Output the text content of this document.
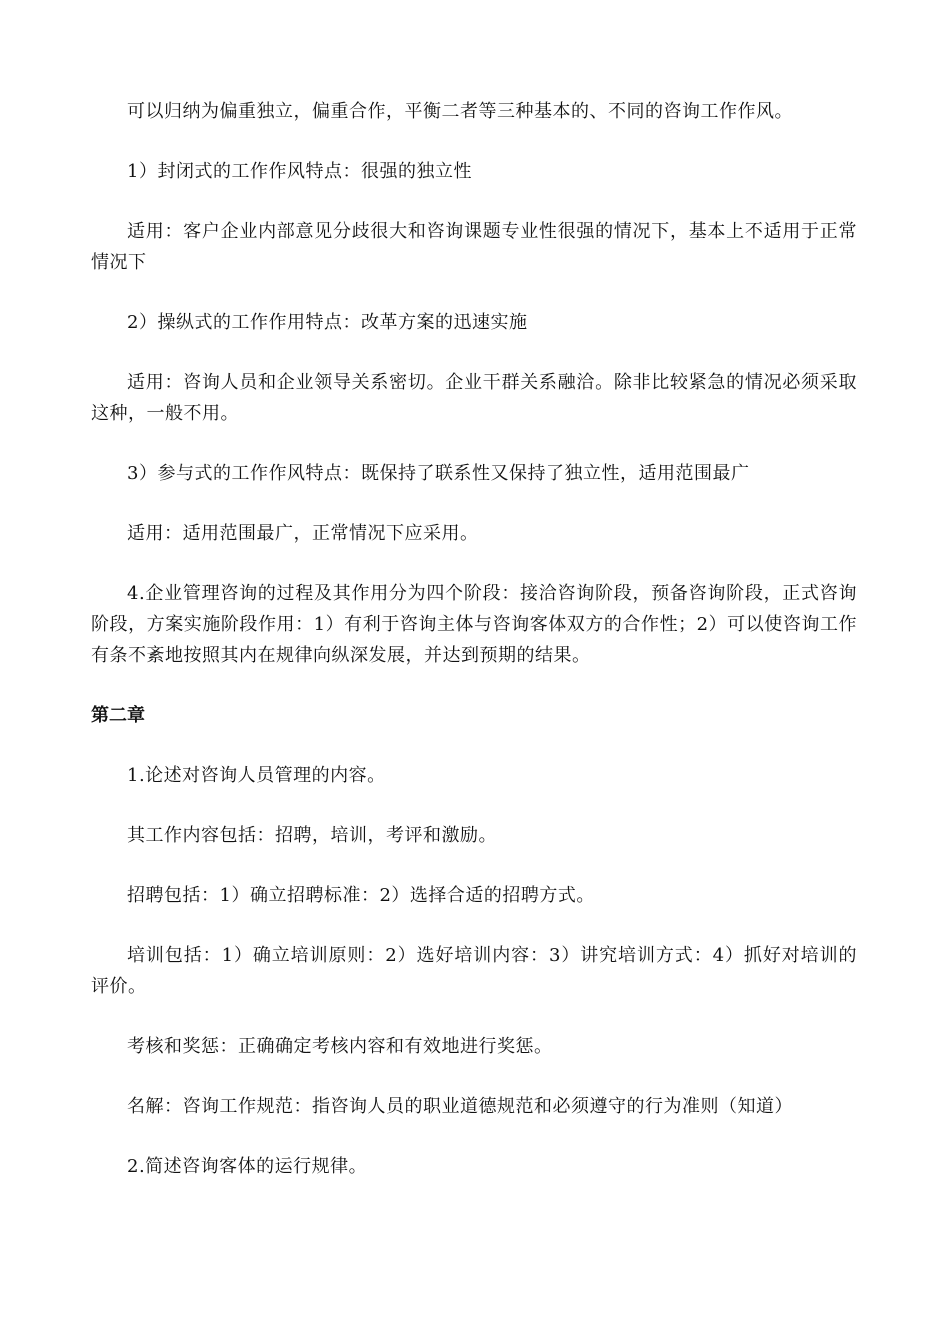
可以归纳为偏重独立，偏重合作，平衡二者等三种基本的、不同的咨询工作作风。

1）封闭式的工作作风特点：很强的独立性

适用：客户企业内部意见分歧很大和咨询课题专业性很强的情况下，基本上不适用于正常情况下

2）操纵式的工作作用特点：改革方案的迅速实施

适用：咨询人员和企业领导关系密切。企业干群关系融洽。除非比较紧急的情况必须采取这种，一般不用。

3）参与式的工作作风特点：既保持了联系性又保持了独立性，适用范围最广

适用：适用范围最广，正常情况下应采用。

4.企业管理咨询的过程及其作用分为四个阶段：接洽咨询阶段，预备咨询阶段，正式咨询阶段，方案实施阶段作用：1）有利于咨询主体与咨询客体双方的合作性；2）可以使咨询工作有条不紊地按照其内在规律向纵深发展，并达到预期的结果。

第二章

1.论述对咨询人员管理的内容。

其工作内容包括：招聘，培训，考评和激励。

招聘包括：1）确立招聘标准：2）选择合适的招聘方式。

培训包括：1）确立培训原则：2）选好培训内容：3）讲究培训方式：4）抓好对培训的评价。

考核和奖惩：正确确定考核内容和有效地进行奖惩。

名解：咨询工作规范：指咨询人员的职业道德规范和必须遵守的行为准则（知道）

2.简述咨询客体的运行规律。
